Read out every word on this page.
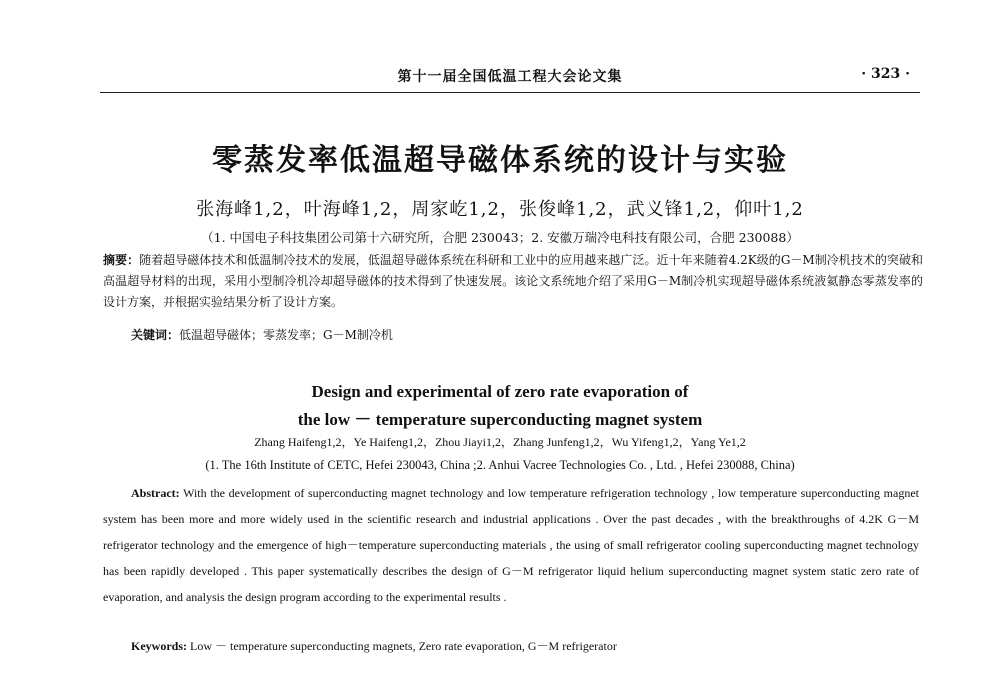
第十一届全国低温工程大会论文集	· 323 ·
零蒸发率低温超导磁体系统的设计与实验
张海峰1,2，叶海峰1,2，周家屹1,2，张俊峰1,2，武义锋1,2，仰叶1,2
（1. 中国电子科技集团公司第十六研究所，合肥 230043；2. 安徽万瑞冷电科技有限公司，合肥 230088）
摘要：随着超导磁体技术和低温制冷技术的发展，低温超导磁体系统在科研和工业中的应用越来越广泛。近十年来随着4.2K级的G－M制冷机技术的突破和高温超导材料的出现，采用小型制冷机冷却超导磁体的技术得到了快速发展。该论文系统地介绍了采用G－M制冷机实现超导磁体系统液氦静态零蒸发率的设计方案，并根据实验结果分析了设计方案。
关键词：低温超导磁体；零蒸发率；G－M制冷机
Design and experimental of zero rate evaporation of
the low － temperature superconducting magnet system
Zhang Haifeng1,2，Ye Haifeng1,2，Zhou Jiayi1,2，Zhang Junfeng1,2，Wu Yifeng1,2，Yang Ye1,2
(1. The 16th Institute of CETC, Hefei 230043, China ;2. Anhui Vacree Technologies Co. , Ltd. , Hefei 230088, China)
Abstract: With the development of superconducting magnet technology and low temperature refrigeration technology , low temperature superconducting magnet system has been more and more widely used in the scientific research and industrial applications . Over the past decades , with the breakthroughs of 4.2K G－M refrigerator technology and the emergence of high－temperature superconducting materials , the using of small refrigerator cooling superconducting magnet technology has been rapidly developed . This paper systematically describes the design of G－M refrigerator liquid helium superconducting magnet system static zero rate of evaporation, and analysis the design program according to the experimental results .
Keywords: Low － temperature superconducting magnets, Zero rate evaporation, G－M refrigerator
